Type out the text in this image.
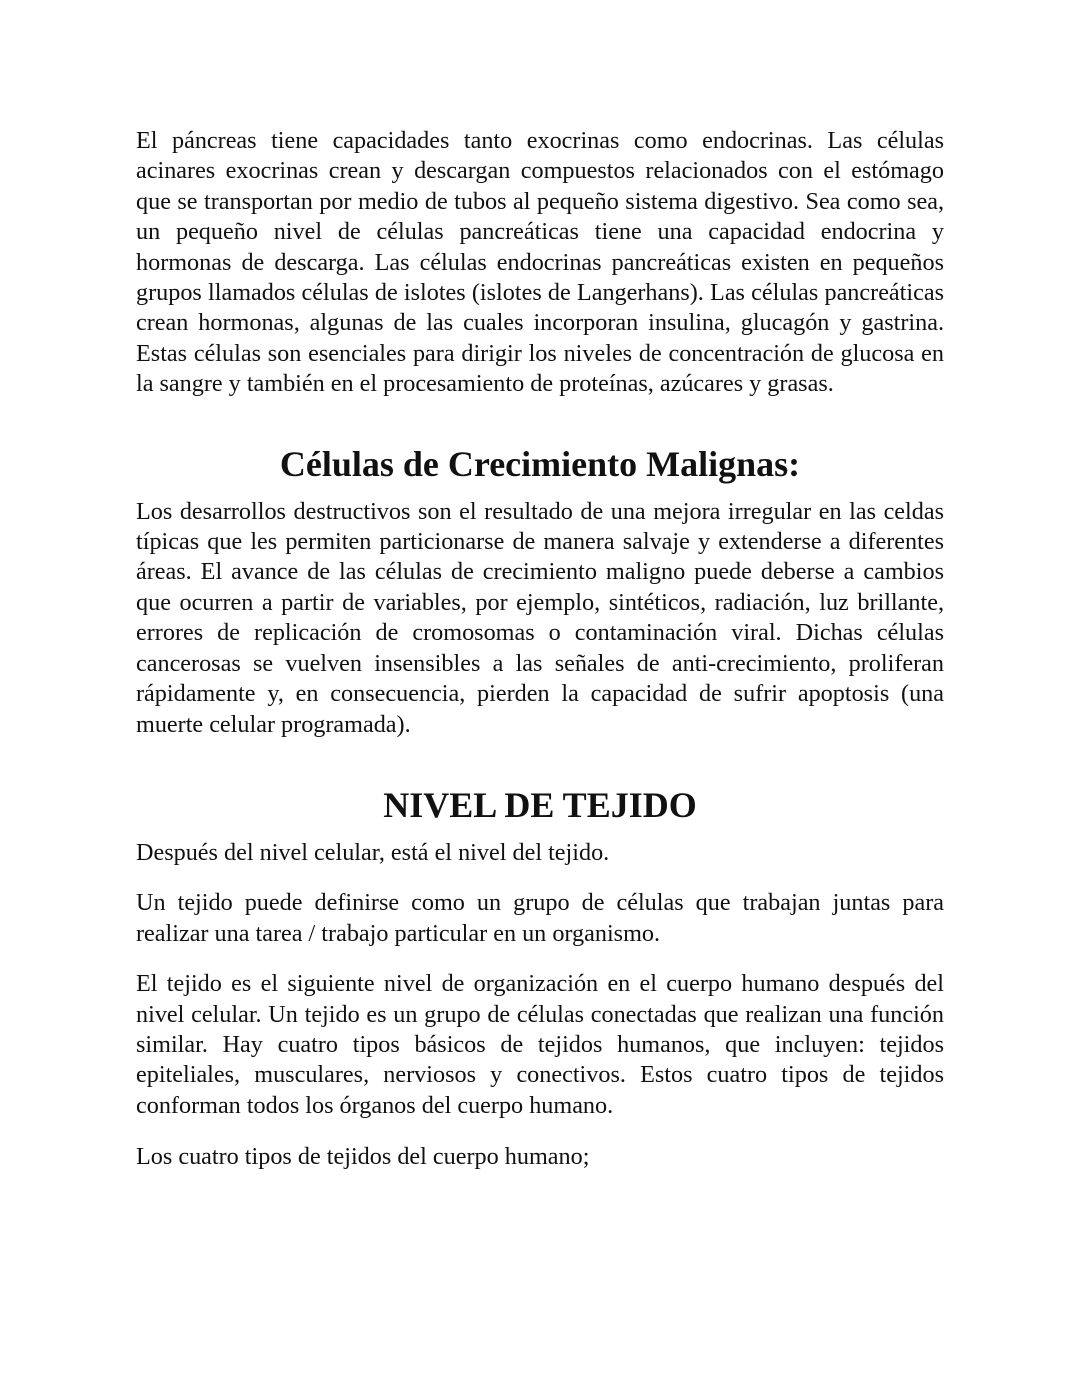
El páncreas tiene capacidades tanto exocrinas como endocrinas. Las células acinares exocrinas crean y descargan compuestos relacionados con el estómago que se transportan por medio de tubos al pequeño sistema digestivo. Sea como sea, un pequeño nivel de células pancreáticas tiene una capacidad endocrina y hormonas de descarga. Las células endocrinas pancreáticas existen en pequeños grupos llamados células de islotes (islotes de Langerhans). Las células pancreáticas crean hormonas, algunas de las cuales incorporan insulina, glucagón y gastrina. Estas células son esenciales para dirigir los niveles de concentración de glucosa en la sangre y también en el procesamiento de proteínas, azúcares y grasas.

Células de Crecimiento Malignas:

Los desarrollos destructivos son el resultado de una mejora irregular en las celdas típicas que les permiten particionarse de manera salvaje y extenderse a diferentes áreas. El avance de las células de crecimiento maligno puede deberse a cambios que ocurren a partir de variables, por ejemplo, sintéticos, radiación, luz brillante, errores de replicación de cromosomas o contaminación viral. Dichas células cancerosas se vuelven insensibles a las señales de anti-crecimiento, proliferan rápidamente y, en consecuencia, pierden la capacidad de sufrir apoptosis (una muerte celular programada).

NIVEL DE TEJIDO

Después del nivel celular, está el nivel del tejido.

Un tejido puede definirse como un grupo de células que trabajan juntas para realizar una tarea / trabajo particular en un organismo.

El tejido es el siguiente nivel de organización en el cuerpo humano después del nivel celular. Un tejido es un grupo de células conectadas que realizan una función similar. Hay cuatro tipos básicos de tejidos humanos, que incluyen: tejidos epiteliales, musculares, nerviosos y conectivos. Estos cuatro tipos de tejidos conforman todos los órganos del cuerpo humano.

Los cuatro tipos de tejidos del cuerpo humano;
